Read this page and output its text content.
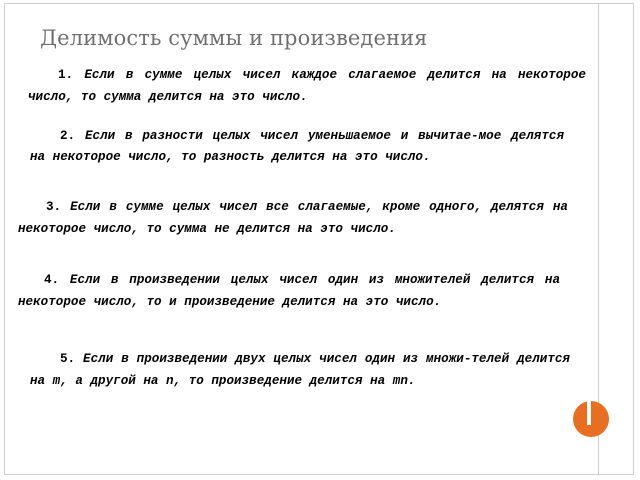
Делимость суммы и произведения
1. Если в сумме целых чисел каждое слагаемое делится на некоторое число, то сумма делится на это число.
2. Если в разности целых чисел уменьшаемое и вычитае-мое делятся на некоторое число, то разность делится на это число.
3. Если в сумме целых чисел все слагаемые, кроме одного, делятся на некоторое число, то сумма не делится на это число.
4. Если в произведении целых чисел один из множителей делится на некоторое число, то и произведение делится на это число.
5. Если в произведении двух целых чисел один из множи-телей делится на m, а другой на n, то произведение делится на mn.
